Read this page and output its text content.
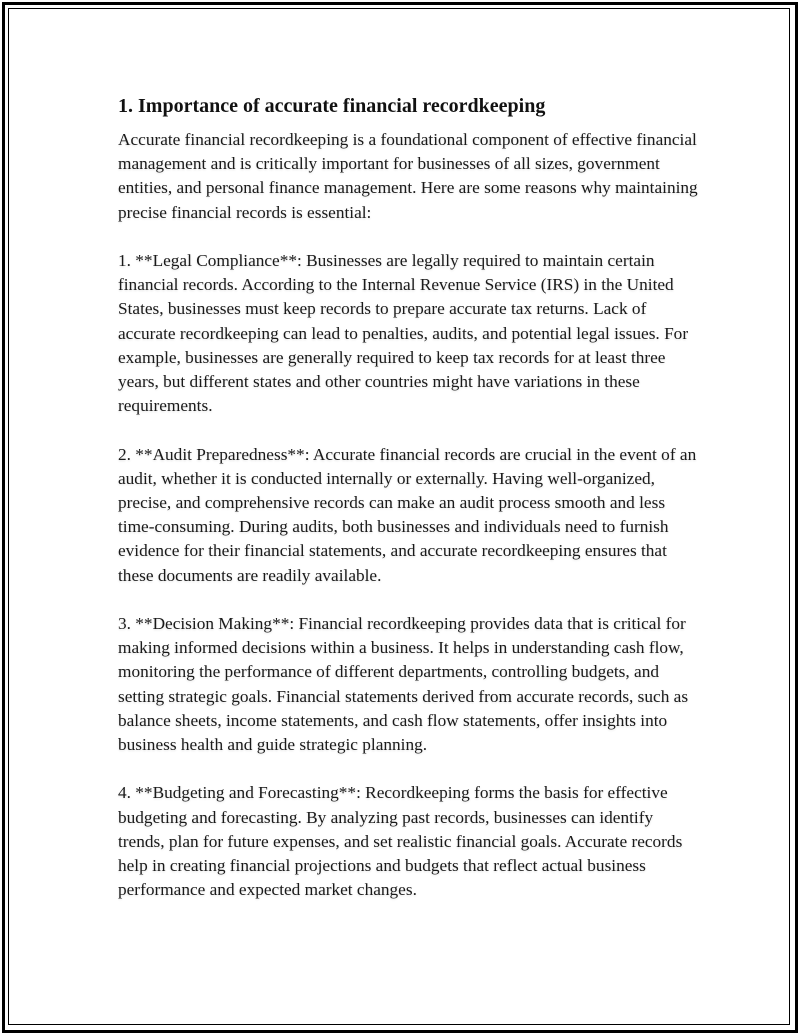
1. Importance of accurate financial recordkeeping

Accurate financial recordkeeping is a foundational component of effective financial management and is critically important for businesses of all sizes, government entities, and personal finance management. Here are some reasons why maintaining precise financial records is essential:

1. **Legal Compliance**: Businesses are legally required to maintain certain financial records. According to the Internal Revenue Service (IRS) in the United States, businesses must keep records to prepare accurate tax returns. Lack of accurate recordkeeping can lead to penalties, audits, and potential legal issues. For example, businesses are generally required to keep tax records for at least three years, but different states and other countries might have variations in these requirements.

2. **Audit Preparedness**: Accurate financial records are crucial in the event of an audit, whether it is conducted internally or externally. Having well-organized, precise, and comprehensive records can make an audit process smooth and less time-consuming. During audits, both businesses and individuals need to furnish evidence for their financial statements, and accurate recordkeeping ensures that these documents are readily available.

3. **Decision Making**: Financial recordkeeping provides data that is critical for making informed decisions within a business. It helps in understanding cash flow, monitoring the performance of different departments, controlling budgets, and setting strategic goals. Financial statements derived from accurate records, such as balance sheets, income statements, and cash flow statements, offer insights into business health and guide strategic planning.

4. **Budgeting and Forecasting**: Recordkeeping forms the basis for effective budgeting and forecasting. By analyzing past records, businesses can identify trends, plan for future expenses, and set realistic financial goals. Accurate records help in creating financial projections and budgets that reflect actual business performance and expected market changes.
